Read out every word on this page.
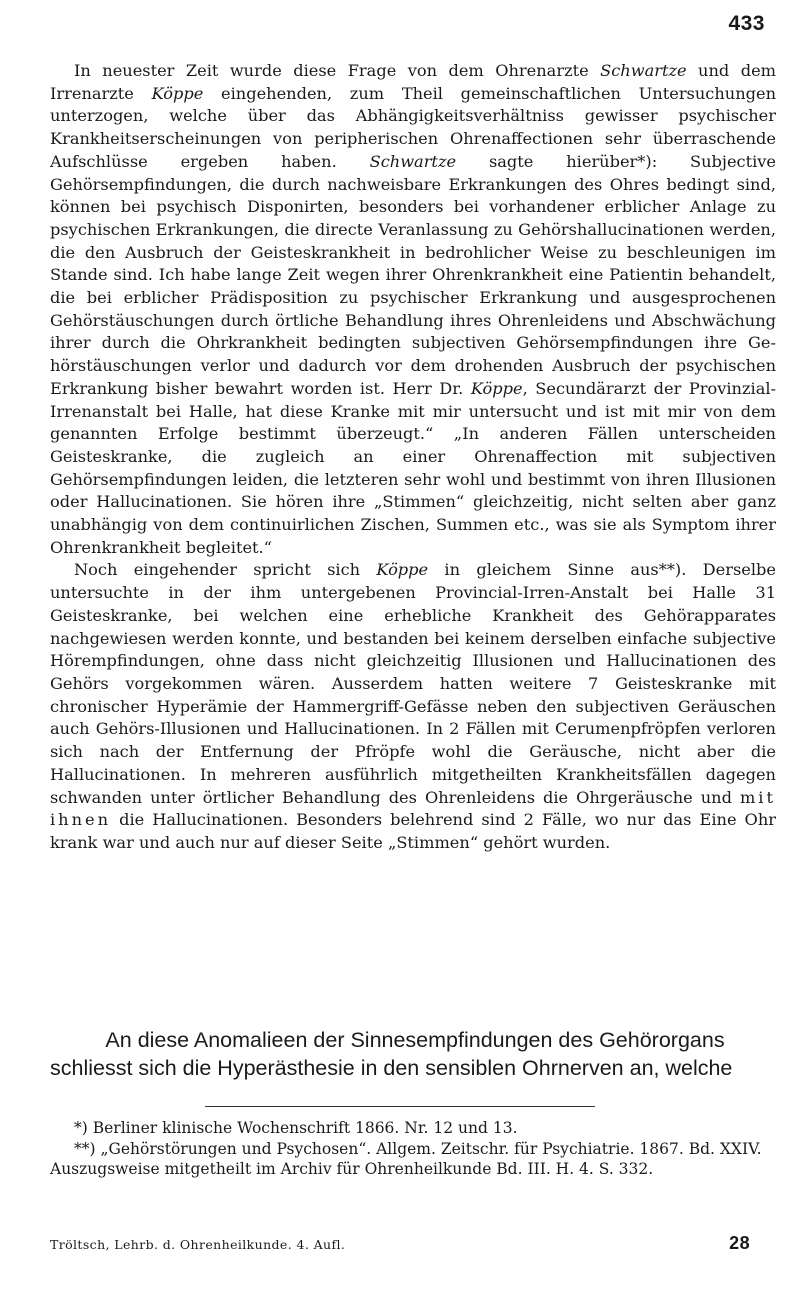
433

In neuester Zeit wurde diese Frage von dem Ohrenarzte Schwartze und dem Irrenarzte Köppe eingehenden, zum Theil gemeinschaftlichen Untersuchungen unterzogen, welche über das Abhängigkeitsverhältniss gewisser psychischer Krankheitserscheinungen von peripherischen Ohrenaffectionen sehr überraschende Aufschlüsse ergeben haben. Schwartze sagte hierüber*): Subjective Gehörsempfindungen, die durch nachweisbare Erkrankungen des Ohres bedingt sind, können bei psychisch Disponirten, besonders bei vorhandener erblicher Anlage zu psychischen Erkrankungen, die directe Veranlassung zu Gehörshallucinationen werden, die den Ausbruch der Geisteskrankheit in bedrohlicher Weise zu beschleunigen im Stande sind. Ich habe lange Zeit wegen ihrer Ohrenkrankheit eine Patientin behandelt, die bei erblicher Prädisposition zu psychischer Erkrankung und ausgesprochenen Gehörstäuschungen durch örtliche Behandlung ihres Ohrenleidens und Abschwächung ihrer durch die Ohrkrankheit bedingten subjectiven Gehörsempfindungen ihre Gehörstäuschungen verlor und dadurch vor dem drohenden Ausbruch der psychischen Erkrankung bisher bewahrt worden ist. Herr Dr. Köppe, Secundärarzt der Provinzial-Irrenanstalt bei Halle, hat diese Kranke mit mir untersucht und ist mit mir von dem genannten Erfolge bestimmt überzeugt.“ „In anderen Fällen unterscheiden Geisteskranke, die zugleich an einer Ohrenaffection mit subjectiven Gehörsempfindungen leiden, die letzteren sehr wohl und bestimmt von ihren Illusionen oder Hallucinationen. Sie hören ihre „Stimmen“ gleichzeitig, nicht selten aber ganz unabhängig von dem continuirlichen Zischen, Summen etc., was sie als Symptom ihrer Ohrenkrankheit begleitet.“

Noch eingehender spricht sich Köppe in gleichem Sinne aus**). Derselbe untersuchte in der ihm untergebenen Provincial-Irren-Anstalt bei Halle 31 Geisteskranke, bei welchen eine erhebliche Krankheit des Gehörapparates nachgewiesen werden konnte, und bestanden bei keinem derselben einfache subjective Hörempfindungen, ohne dass nicht gleichzeitig Illusionen und Hallucinationen des Gehörs vorgekommen wären. Ausserdem hatten weitere 7 Geisteskranke mit chronischer Hyperämie der Hammergriff-Gefässe neben den subjectiven Geräuschen auch Gehörs-Illusionen und Hallucinationen. In 2 Fällen mit Cerumenpfröpfen verloren sich nach der Entfernung der Pfröpfe wohl die Geräusche, nicht aber die Hallucinationen. In mehreren ausführlich mitgetheilten Krankheitsfällen dagegen schwanden unter örtlicher Behandlung des Ohrenleidens die Ohrgeräusche und mit ihnen die Hallucinationen. Besonders belehrend sind 2 Fälle, wo nur das Eine Ohr krank war und auch nur auf dieser Seite „Stimmen“ gehört wurden.

An diese Anomalieen der Sinnesempfindungen des Gehörorgans
schliesst sich die Hyperästhesie in den sensiblen Ohrnerven an, welche

*) Berliner klinische Wochenschrift 1866. Nr. 12 und 13.

**) „Gehörstörungen und Psychosen“. Allgem. Zeitschr. für Psychiatrie. 1867. Bd. XXIV. Auszugsweise mitgetheilt im Archiv für Ohrenheilkunde Bd. III. H. 4. S. 332.

Tröltsch, Lehrb. d. Ohrenheilkunde. 4. Aufl.	28
